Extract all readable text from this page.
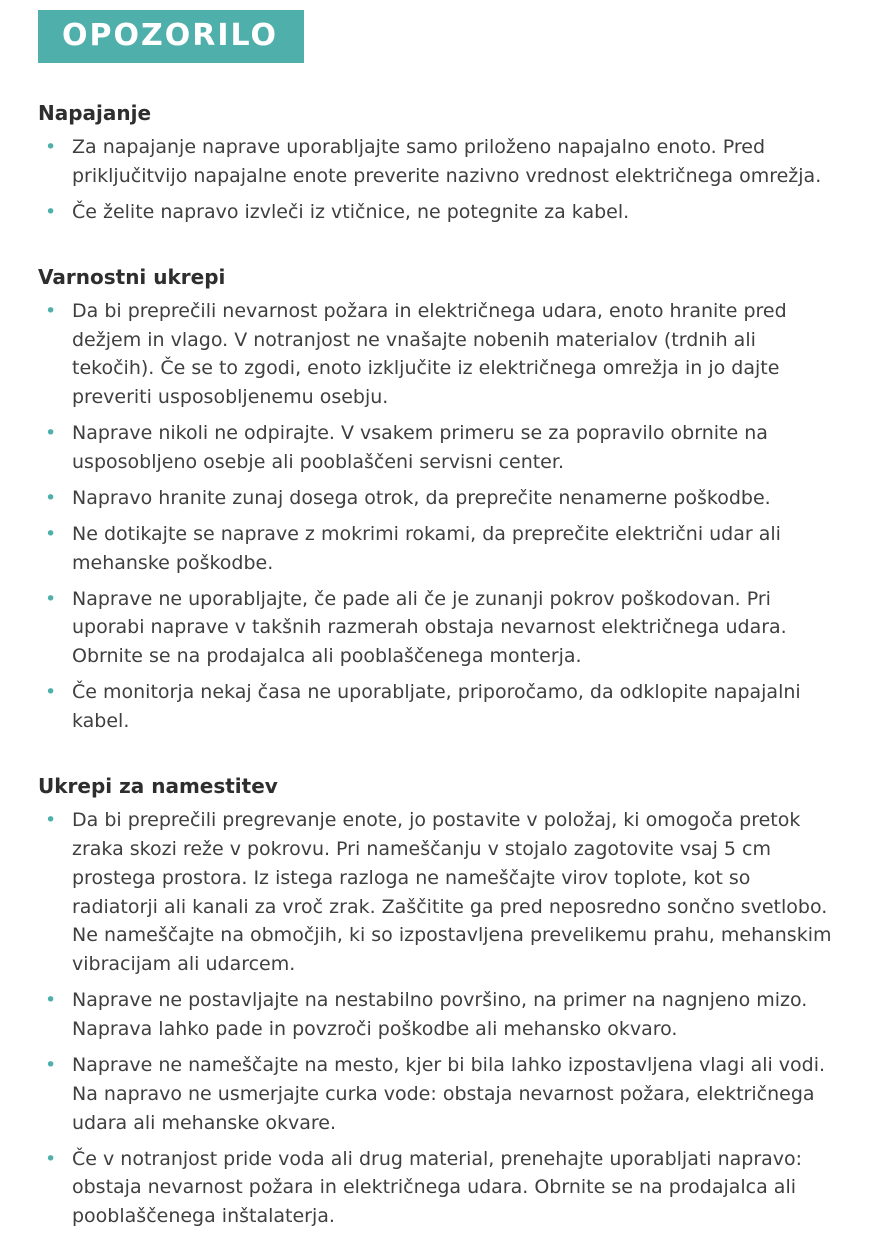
OPOZORILO
Napajanje
• Za napajanje naprave uporabljajte samo priloženo napajalno enoto. Pred priključitvijo napajalne enote preverite nazivno vrednost električnega omrežja.
• Če želite napravo izvleči iz vtičnice, ne potegnite za kabel.
Varnostni ukrepi
• Da bi preprečili nevarnost požara in električnega udara, enoto hranite pred dežjem in vlago. V notranjost ne vnašajte nobenih materialov (trdnih ali tekočih). Če se to zgodi, enoto izključite iz električnega omrežja in jo dajte preveriti usposobljenemu osebju.
• Naprave nikoli ne odpirajte. V vsakem primeru se za popravilo obrnite na usposobljeno osebje ali pooblaščeni servisni center.
• Napravo hranite zunaj dosega otrok, da preprečite nenamerne poškodbe.
• Ne dotikajte se naprave z mokrimi rokami, da preprečite električni udar ali mehanske poškodbe.
• Naprave ne uporabljajte, če pade ali če je zunanji pokrov poškodovan. Pri uporabi naprave v takšnih razmerah obstaja nevarnost električnega udara. Obrnite se na prodajalca ali pooblaščenega monterja.
• Če monitorja nekaj časa ne uporabljate, priporočamo, da odklopite napajalni kabel.
Ukrepi za namestitev
• Da bi preprečili pregrevanje enote, jo postavite v položaj, ki omogoča pretok zraka skozi reže v pokrovu. Pri nameščanju v stojalo zagotovite vsaj 5 cm prostega prostora. Iz istega razloga ne nameščajte virov toplote, kot so radiatorji ali kanali za vroč zrak. Zaščitite ga pred neposredno sončno svetlobo. Ne nameščajte na območjih, ki so izpostavljena prevelikemu prahu, mehanskim vibracijam ali udarcem.
• Naprave ne postavljajte na nestabilno površino, na primer na nagnjeno mizo. Naprava lahko pade in povzroči poškodbe ali mehansko okvaro.
• Naprave ne nameščajte na mesto, kjer bi bila lahko izpostavljena vlagi ali vodi. Na napravo ne usmerjajte curka vode: obstaja nevarnost požara, električnega udara ali mehanske okvare.
• Če v notranjost pride voda ali drug material, prenehajte uporabljati napravo: obstaja nevarnost požara in električnega udara. Obrnite se na prodajalca ali pooblaščenega inštalaterja.
